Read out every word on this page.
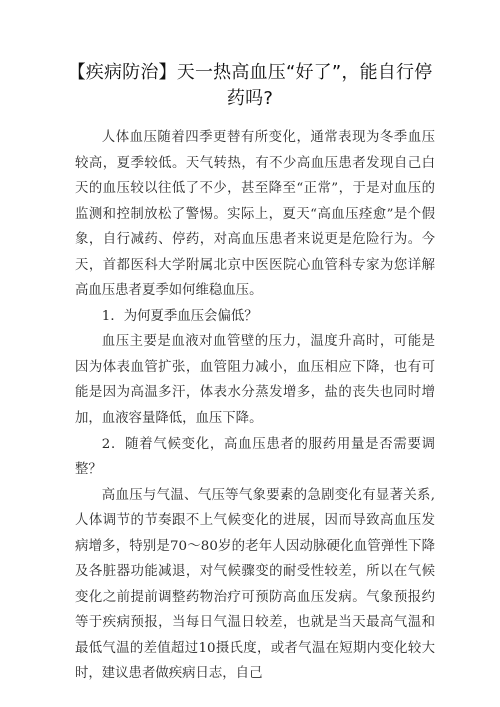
【疾病防治】天一热高血压“好了”，能自行停药吗?

人体血压随着四季更替有所变化，通常表现为冬季血压较高，夏季较低。天气转热，有不少高血压患者发现自己白天的血压较以往低了不少，甚至降至“正常”，于是对血压的监测和控制放松了警惕。实际上，夏天“高血压痊愈”是个假象，自行减药、停药，对高血压患者来说更是危险行为。今天，首都医科大学附属北京中医医院心血管科专家为您详解高血压患者夏季如何维稳血压。

1．为何夏季血压会偏低？

血压主要是血液对血管壁的压力，温度升高时，可能是因为体表血管扩张，血管阻力减小，血压相应下降，也有可能是因为高温多汗，体表水分蒸发增多，盐的丧失也同时增加，血液容量降低，血压下降。

2．随着气候变化，高血压患者的服药用量是否需要调整？

高血压与气温、气压等气象要素的急剧变化有显著关系,人体调节的节奏跟不上气候变化的进展，因而导致高血压发病增多，特别是70～80岁的老年人因动脉硬化血管弹性下降及各脏器功能减退，对气候骤变的耐受性较差，所以在气候变化之前提前调整药物治疗可预防高血压发病。气象预报约等于疾病预报，当每日气温日较差，也就是当天最高气温和最低气温的差值超过10摄氏度，或者气温在短期内变化较大时，建议患者做疾病日志，自己
